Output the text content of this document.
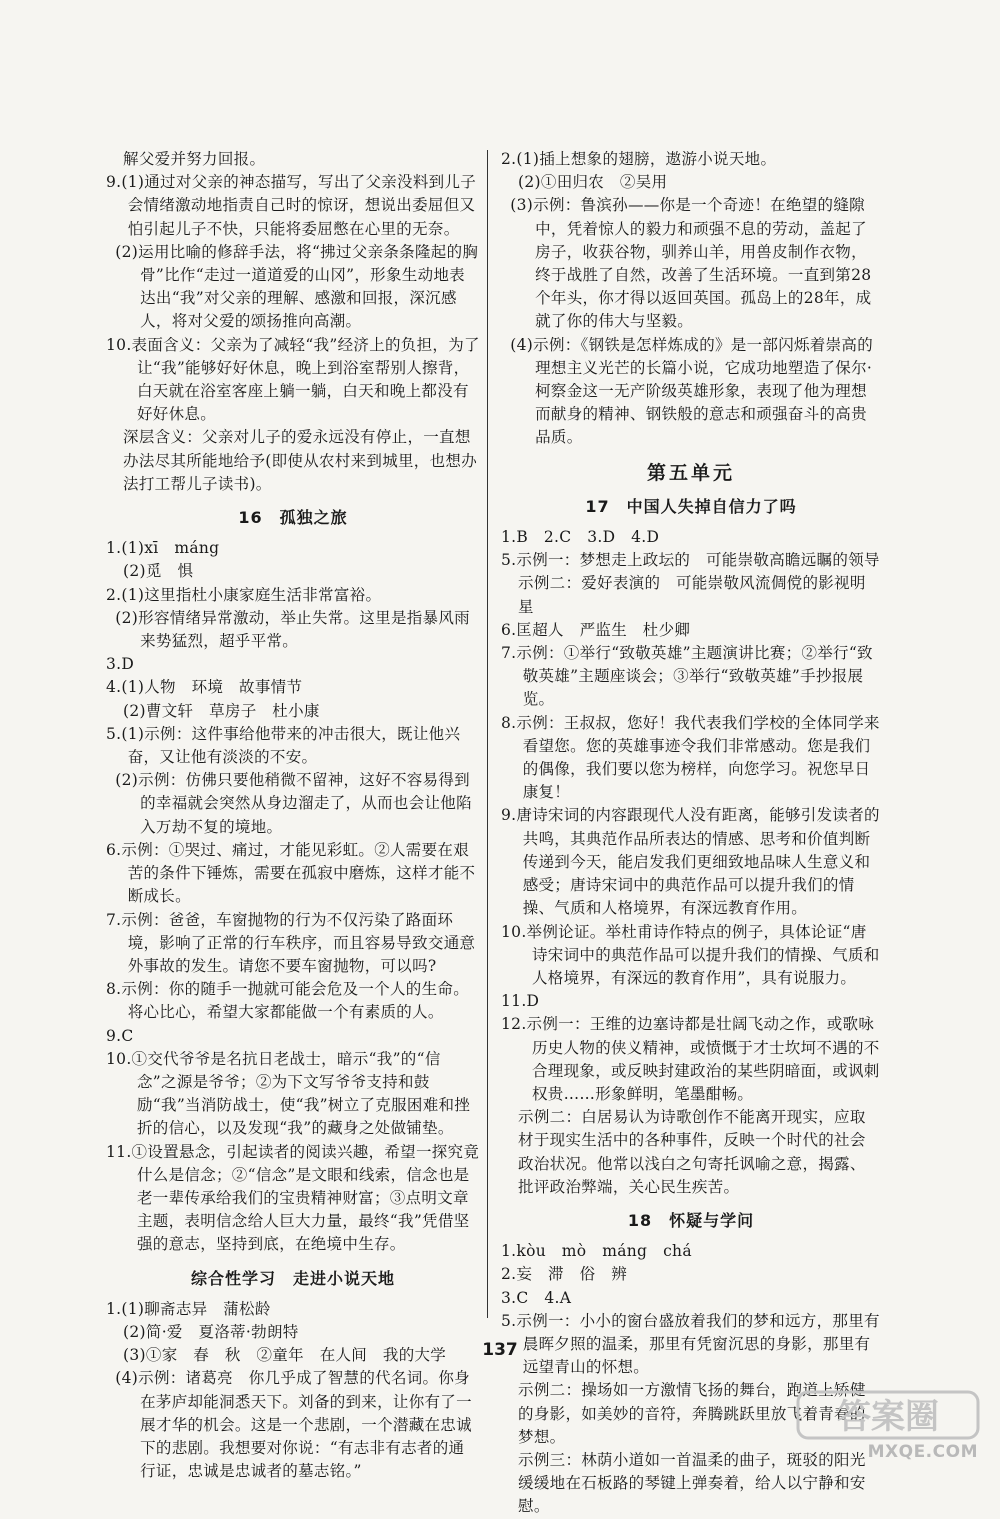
解父爱并努力回报。

9.(1)通过对父亲的神态描写，写出了父亲没料到儿子会情绪激动地指责自己时的惊讶，想说出委屈但又怕引起儿子不快，只能将委屈憋在心里的无奈。

(2)运用比喻的修辞手法，将“拂过父亲条条隆起的胸骨”比作“走过一道道爱的山冈”，形象生动地表达出“我”对父亲的理解、感激和回报，深沉感人，将对父爱的颂扬推向高潮。

10.表面含义：父亲为了减轻“我”经济上的负担，为了让“我”能够好好休息，晚上到浴室帮别人擦背，白天就在浴室客座上躺一躺，白天和晚上都没有好好休息。

深层含义：父亲对儿子的爱永远没有停止，一直想办法尽其所能地给予(即使从农村来到城里，也想办法打工帮儿子读书)。

16　孤独之旅

1.(1)xī　máng

(2)觅　惧

2.(1)这里指杜小康家庭生活非常富裕。

(2)形容情绪异常激动，举止失常。这里是指暴风雨来势猛烈，超乎平常。

3.D

4.(1)人物　环境　故事情节

(2)曹文轩　草房子　杜小康

5.(1)示例：这件事给他带来的冲击很大，既让他兴奋，又让他有淡淡的不安。

(2)示例：仿佛只要他稍微不留神，这好不容易得到的幸福就会突然从身边溜走了，从而也会让他陷入万劫不复的境地。

6.示例：①哭过、痛过，才能见彩虹。②人需要在艰苦的条件下锤炼，需要在孤寂中磨炼，这样才能不断成长。

7.示例：爸爸，车窗抛物的行为不仅污染了路面环境，影响了正常的行车秩序，而且容易导致交通意外事故的发生。请您不要车窗抛物，可以吗?

8.示例：你的随手一抛就可能会危及一个人的生命。将心比心，希望大家都能做一个有素质的人。

9.C

10.①交代爷爷是名抗日老战士，暗示“我”的“信念”之源是爷爷；②为下文写爷爷支持和鼓励“我”当消防战士，使“我”树立了克服困难和挫折的信心，以及发现“我”的藏身之处做铺垫。

11.①设置悬念，引起读者的阅读兴趣，希望一探究竟什么是信念；②“信念”是文眼和线索，信念也是老一辈传承给我们的宝贵精神财富；③点明文章主题，表明信念给人巨大力量，最终“我”凭借坚强的意志，坚持到底，在绝境中生存。

综合性学习　走进小说天地

1.(1)聊斋志异　蒲松龄

(2)简·爱　夏洛蒂·勃朗特

(3)①家　春　秋　②童年　在人间　我的大学

(4)示例：诸葛亮　你几乎成了智慧的代名词。你身在茅庐却能洞悉天下。刘备的到来，让你有了一展才华的机会。这是一个悲剧，一个潜藏在忠诚下的悲剧。我想要对你说：“有志非有志者的通行证，忠诚是忠诚者的墓志铭。”

2.(1)插上想象的翅膀，遨游小说天地。

(2)①田归农　②吴用

(3)示例：鲁滨孙——你是一个奇迹！在绝望的缝隙中，凭着惊人的毅力和顽强不息的劳动，盖起了房子，收获谷物，驯养山羊，用兽皮制作衣物，终于战胜了自然，改善了生活环境。一直到第28个年头，你才得以返回英国。孤岛上的28年，成就了你的伟大与坚毅。

(4)示例：《钢铁是怎样炼成的》是一部闪烁着崇高的理想主义光芒的长篇小说，它成功地塑造了保尔·柯察金这一无产阶级英雄形象，表现了他为理想而献身的精神、钢铁般的意志和顽强奋斗的高贵品质。

第五单元
17　中国人失掉自信力了吗

1.B　2.C　3.D　4.D

5.示例一：梦想走上政坛的　可能崇敬高瞻远瞩的领导

示例二：爱好表演的　可能崇敬风流倜傥的影视明星

6.匡超人　严监生　杜少卿

7.示例：①举行“致敬英雄”主题演讲比赛；②举行“致敬英雄”主题座谈会；③举行“致敬英雄”手抄报展览。

8.示例：王叔叔，您好！我代表我们学校的全体同学来看望您。您的英雄事迹令我们非常感动。您是我们的偶像，我们要以您为榜样，向您学习。祝您早日康复！

9.唐诗宋词的内容跟现代人没有距离，能够引发读者的共鸣，其典范作品所表达的情感、思考和价值判断传递到今天，能启发我们更细致地品味人生意义和感受；唐诗宋词中的典范作品可以提升我们的情操、气质和人格境界，有深远教育作用。

10.举例论证。举杜甫诗作特点的例子，具体论证“唐诗宋词中的典范作品可以提升我们的情操、气质和人格境界，有深远的教育作用”，具有说服力。

11.D

12.示例一：王维的边塞诗都是壮阔飞动之作，或歌咏历史人物的侠义精神，或愤慨于才士坎坷不遇的不合理现象，或反映封建政治的某些阴暗面，或讽刺权贵……形象鲜明，笔墨酣畅。

示例二：白居易认为诗歌创作不能离开现实，应取材于现实生活中的各种事件，反映一个时代的社会政治状况。他常以浅白之句寄托讽喻之意，揭露、批评政治弊端，关心民生疾苦。

18　怀疑与学问

1.kòu　mò　máng　chá

2.妄　滞　俗　辨

3.C　4.A

5.示例一：小小的窗台盛放着我们的梦和远方，那里有晨晖夕照的温柔，那里有凭窗沉思的身影，那里有远望青山的怀想。

示例二：操场如一方激情飞扬的舞台，跑道上矫健的身影，如美妙的音符，奔腾跳跃里放飞着青春的梦想。

示例三：林荫小道如一首温柔的曲子，斑驳的阳光缓缓地在石板路的琴键上弹奏着，给人以宁静和安慰。

137
答案圈
MXQE.COM
